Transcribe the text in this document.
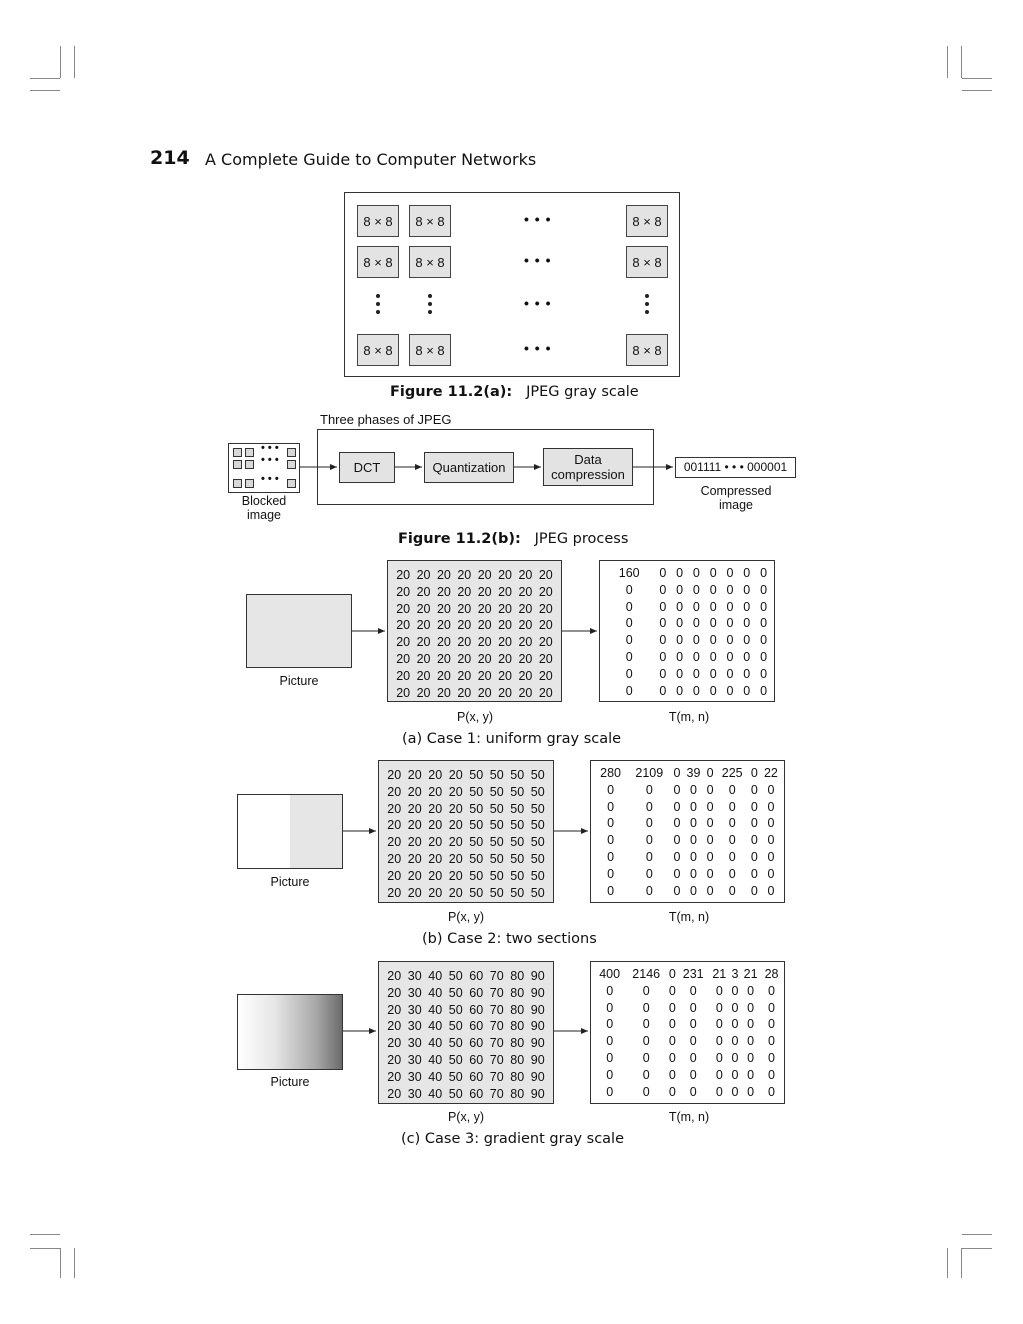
214 A Complete Guide to Computer Networks
8 × 8	8 × 8	• • •	8 × 8
8 × 8	8 × 8	• • •	8 × 8
• • •
8 × 8	8 × 8	• • •	8 × 8
Figure 11.2(a): JPEG gray scale
Three phases of JPEG
• • •
• • •
• • •
Blocked image
DCT	Quantization
Data compression	001111 • • • 000001
Compressed image
Figure 11.2(b): JPEG process
Picture
20	20	20	20	20	20	20	20
20	20	20	20	20	20	20	20
20	20	20	20	20	20	20	20
20	20	20	20	20	20	20	20
20	20	20	20	20	20	20	20
20	20	20	20	20	20	20	20
20	20	20	20	20	20	20	20
20	20	20	20	20	20	20	20
160	0	0	0	0	0	0	0
0	0	0	0	0	0	0	0
0	0	0	0	0	0	0	0
0	0	0	0	0	0	0	0
0	0	0	0	0	0	0	0
0	0	0	0	0	0	0	0
0	0	0	0	0	0	0	0
0	0	0	0	0	0	0	0
P(x, y)	T(m, n)
(a) Case 1: uniform gray scale
Picture
20	20	20	20	50	50	50	50
20	20	20	20	50	50	50	50
20	20	20	20	50	50	50	50
20	20	20	20	50	50	50	50
20	20	20	20	50	50	50	50
20	20	20	20	50	50	50	50
20	20	20	20	50	50	50	50
20	20	20	20	50	50	50	50
280	2109	0	39	0	225	0	22
0	0	0	0	0	0	0	0
0	0	0	0	0	0	0	0
0	0	0	0	0	0	0	0
0	0	0	0	0	0	0	0
0	0	0	0	0	0	0	0
0	0	0	0	0	0	0	0
0	0	0	0	0	0	0	0
P(x, y)	T(m, n)
(b) Case 2: two sections
Picture
20	30	40	50	60	70	80	90
20	30	40	50	60	70	80	90
20	30	40	50	60	70	80	90
20	30	40	50	60	70	80	90
20	30	40	50	60	70	80	90
20	30	40	50	60	70	80	90
20	30	40	50	60	70	80	90
20	30	40	50	60	70	80	90
400	2146	0	231	21	3	21	28
0	0	0	0	0	0	0	0
0	0	0	0	0	0	0	0
0	0	0	0	0	0	0	0
0	0	0	0	0	0	0	0
0	0	0	0	0	0	0	0
0	0	0	0	0	0	0	0
0	0	0	0	0	0	0	0
P(x, y)	T(m, n)
(c) Case 3: gradient gray scale
